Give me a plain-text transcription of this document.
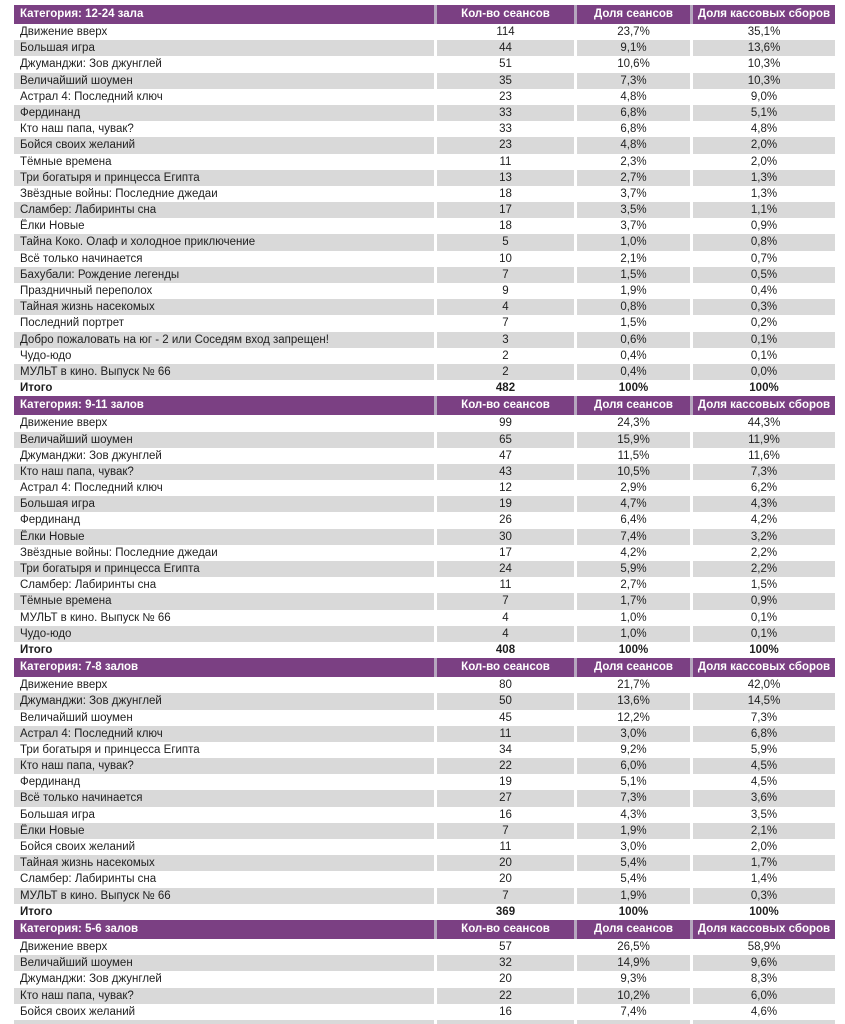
Категория: 12-24 зала	Кол-во сеансов	Доля сеансов	Доля кассовых сборов
Движение вверх	114	23,7%	35,1%
Большая игра	44	9,1%	13,6%
Джуманджи: Зов джунглей	51	10,6%	10,3%
Величайший шоумен	35	7,3%	10,3%
Астрал 4: Последний ключ	23	4,8%	9,0%
Фердинанд	33	6,8%	5,1%
Кто наш папа, чувак?	33	6,8%	4,8%
Бойся своих желаний	23	4,8%	2,0%
Тёмные времена	11	2,3%	2,0%
Три богатыря и принцесса Египта	13	2,7%	1,3%
Звёздные войны: Последние джедаи	18	3,7%	1,3%
Сламбер: Лабиринты сна	17	3,5%	1,1%
Ёлки Новые	18	3,7%	0,9%
Тайна Коко. Олаф и холодное приключение	5	1,0%	0,8%
Всё только начинается	10	2,1%	0,7%
Бахубали: Рождение легенды	7	1,5%	0,5%
Праздничный переполох	9	1,9%	0,4%
Тайная жизнь насекомых	4	0,8%	0,3%
Последний портрет	7	1,5%	0,2%
Добро пожаловать на юг - 2 или Соседям вход запрещен!	3	0,6%	0,1%
Чудо-юдо	2	0,4%	0,1%
МУЛЬТ в кино. Выпуск № 66	2	0,4%	0,0%
Итого	482	100%	100%
Категория: 9-11 залов	Кол-во сеансов	Доля сеансов	Доля кассовых сборов
Движение вверх	99	24,3%	44,3%
Величайший шоумен	65	15,9%	11,9%
Джуманджи: Зов джунглей	47	11,5%	11,6%
Кто наш папа, чувак?	43	10,5%	7,3%
Астрал 4: Последний ключ	12	2,9%	6,2%
Большая игра	19	4,7%	4,3%
Фердинанд	26	6,4%	4,2%
Ёлки Новые	30	7,4%	3,2%
Звёздные войны: Последние джедаи	17	4,2%	2,2%
Три богатыря и принцесса Египта	24	5,9%	2,2%
Сламбер: Лабиринты сна	11	2,7%	1,5%
Тёмные времена	7	1,7%	0,9%
МУЛЬТ в кино. Выпуск № 66	4	1,0%	0,1%
Чудо-юдо	4	1,0%	0,1%
Итого	408	100%	100%
Категория: 7-8 залов	Кол-во сеансов	Доля сеансов	Доля кассовых сборов
Движение вверх	80	21,7%	42,0%
Джуманджи: Зов джунглей	50	13,6%	14,5%
Величайший шоумен	45	12,2%	7,3%
Астрал 4: Последний ключ	11	3,0%	6,8%
Три богатыря и принцесса Египта	34	9,2%	5,9%
Кто наш папа, чувак?	22	6,0%	4,5%
Фердинанд	19	5,1%	4,5%
Всё только начинается	27	7,3%	3,6%
Большая игра	16	4,3%	3,5%
Ёлки Новые	7	1,9%	2,1%
Бойся своих желаний	11	3,0%	2,0%
Тайная жизнь насекомых	20	5,4%	1,7%
Сламбер: Лабиринты сна	20	5,4%	1,4%
МУЛЬТ в кино. Выпуск № 66	7	1,9%	0,3%
Итого	369	100%	100%
Категория: 5-6 залов	Кол-во сеансов	Доля сеансов	Доля кассовых сборов
Движение вверх	57	26,5%	58,9%
Величайший шоумен	32	14,9%	9,6%
Джуманджи: Зов джунглей	20	9,3%	8,3%
Кто наш папа, чувак?	22	10,2%	6,0%
Бойся своих желаний	16	7,4%	4,6%
